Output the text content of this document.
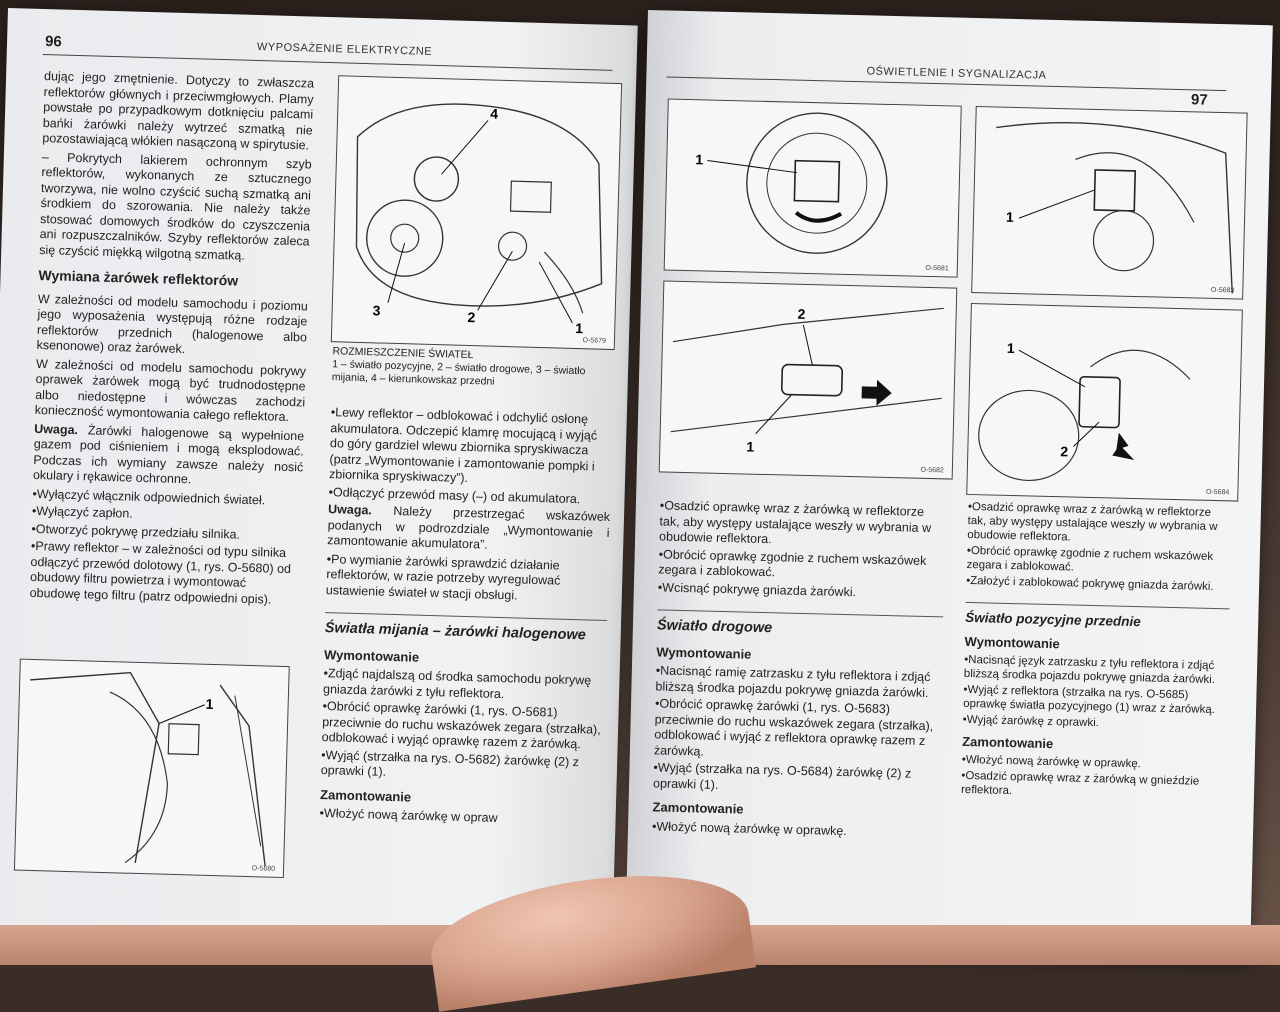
96	WYPOSAŻENIE ELEKTRYCZNE

dując jego zmętnienie. Dotyczy to zwłaszcza reflektorów głównych i przeciwmgłowych. Plamy powstałe po przypadkowym dotknięciu palcami bańki żarówki należy wytrzeć szmatką nie pozostawiającą włókien nasączoną w spirytusie.

– Pokrytych lakierem ochronnym szyb reflektorów, wykonanych ze sztucznego tworzywa, nie wolno czyścić suchą szmatką ani środkiem do szorowania. Nie należy także stosować domowych środków do czyszczenia ani rozpuszczalników. Szyby reflektorów zaleca się czyścić miękką wilgotną szmatką.

Wymiana żarówek reflektorów

W zależności od modelu samochodu i poziomu jego wyposażenia występują różne rodzaje reflektorów przednich (halogenowe albo ksenonowe) oraz żarówek.

W zależności od modelu samochodu pokrywy oprawek żarówek mogą być trudnodostępne albo niedostępne i wówczas zachodzi konieczność wymontowania całego reflektora.

Uwaga. Żarówki halogenowe są wypełnione gazem pod ciśnieniem i mogą eksplodować. Podczas ich wymiany zawsze należy nosić okulary i rękawice ochronne.

• Wyłączyć włącznik odpowiednich świateł.
• Wyłączyć zapłon.
• Otworzyć pokrywę przedziału silnika.
• Prawy reflektor – w zależności od typu silnika odłączyć przewód dolotowy (1, rys. O-5680) od obudowy filtru powietrza i wymontować obudowę tego filtru (patrz odpowiedni opis).
4
3	2
1
O-5679
ROZMIESZCZENIE ŚWIATEŁ
1 – światło pozycyjne, 2 – światło drogowe, 3 – światło mijania, 4 – kierunkowskaz przedni
• Lewy reflektor – odblokować i odchylić osłonę akumulatora. Odczepić klamrę mocującą i wyjąć do góry gardziel wlewu zbiornika spryskiwacza (patrz „Wymontowanie i zamontowanie pompki i zbiornika spryskiwaczy”).
• Odłączyć przewód masy (–) od akumulatora.

Uwaga. Należy przestrzegać wskazówek podanych w podrozdziale „Wymontowanie i zamontowanie akumulatora”.

• Po wymianie żarówki sprawdzić działanie reflektorów, w razie potrzeby wyregulować ustawienie świateł w stacji obsługi.
Światła mijania – żarówki halogenowe
Wymontowanie
• Zdjąć najdalszą od środka samochodu pokrywę gniazda żarówki z tyłu reflektora.
• Obrócić oprawkę żarówki (1, rys. O-5681) przeciwnie do ruchu wskazówek zegara (strzałka), odblokować i wyjąć oprawkę razem z żarówką.
• Wyjąć (strzałka na rys. O-5682) żarówkę (2) z oprawki (1).
Zamontowanie
• Włożyć nową żarówkę w opraw
1
O-5680
OŚWIETLENIE I SYGNALIZACJA
97
1
O-5681
1
O-5683
2
1
O-5682
1
2
O-5684
• Osadzić oprawkę wraz z żarówką w reflektorze tak, aby występy ustalające weszły w wybrania w obudowie reflektora.
• Obrócić oprawkę zgodnie z ruchem wskazówek zegara i zablokować.
• Wcisnąć pokrywę gniazda żarówki.
Światło drogowe
Wymontowanie
• Nacisnąć ramię zatrzasku z tyłu reflektora i zdjąć bliższą środka pojazdu pokrywę gniazda żarówki.
• Obrócić oprawkę żarówki (1, rys. O-5683) przeciwnie do ruchu wskazówek zegara (strzałka), odblokować i wyjąć z reflektora oprawkę razem z żarówką.
• Wyjąć (strzałka na rys. O-5684) żarówkę (2) z oprawki (1).
Zamontowanie
• Włożyć nową żarówkę w oprawkę.
• Osadzić oprawkę wraz z żarówką w reflektorze tak, aby występy ustalające weszły w wybrania w obudowie reflektora.
• Obrócić oprawkę zgodnie z ruchem wskazówek zegara i zablokować.
• Założyć i zablokować pokrywę gniazda żarówki.
Światło pozycyjne przednie
Wymontowanie
• Nacisnąć język zatrzasku z tyłu reflektora i zdjąć bliższą środka pojazdu pokrywę gniazda żarówki.
• Wyjąć z reflektora (strzałka na rys. O-5685) oprawkę światła pozycyjnego (1) wraz z żarówką.
• Wyjąć żarówkę z oprawki.
Zamontowanie
• Włożyć nową żarówkę w oprawkę.
• Osadzić oprawkę wraz z żarówką w gnieździe reflektora.
